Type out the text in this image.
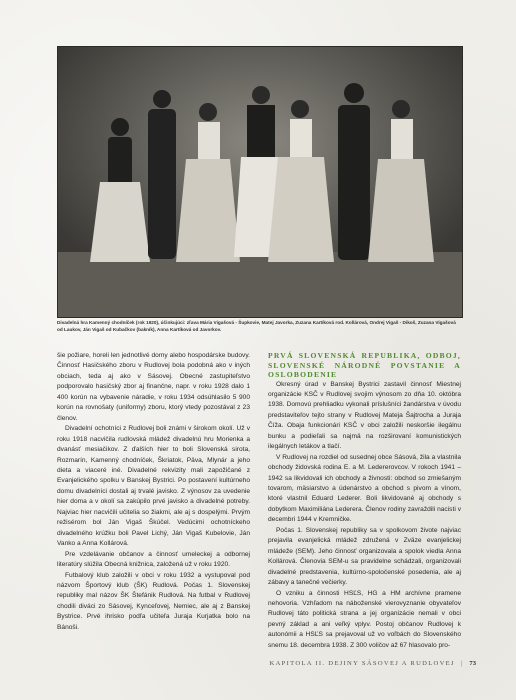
Divadelná hra Kamenný chodníček (rok 1920), účinkujúci: zľava Mária Vigašová - Šupkovie, Matej Javorka, Zuzana Kartíková rod. Kollárová, Ondrej Vigaš - Dikoš, Zuzana Vigašová od Laukov, Ján Vigaš od Kubačkov (bakník), Anna Kartíková od Javorkov.

šie požiare, horeli len jednotlivé domy alebo hospodárske budovy. Činnosť Hasičského zboru v Rudlovej bola podobná ako v iných obciach, teda aj ako v Sásovej. Obecné zastupiteľstvo podporovalo hasičský zbor aj finančne, napr. v roku 1928 dalo 1 400 korún na vybavenie náradie, v roku 1934 odsúhlasilo 5 900 korún na rovnošaty (uniformy) zboru, ktorý vtedy pozostával z 23 členov.

Divadelní ochotníci z Rudlovej boli známi v širokom okolí. Už v roku 1918 nacvičila rudlovská mládež divadelnú hru Morienka a dvanásť mesiačikov. Z ďalších hier to boli Slovenská sirota, Rozmarín, Kamenný chodníček, Škriatok, Päva, Mlynár a jeho dietа a viaceré iné. Divadelné rekvizity mali zapožičané z Evanjelického spolku v Banskej Bystrici. Po postavení kultúrneho domu divadelníci dostali aj trvalé javisko. Z výnosov za uvedenie hier doma a v okolí sa zakúpilo prvé javisko a divadelné potreby. Najviac hier nacvičili učitelia so žiakmi, ale aj s dospelými. Prvým režisérom bol Ján Vigaš Škúčel. Vedúcimi ochotníckeho divadelného krúžku boli Pavel Lichý, Ján Vigaš Kubelovie, Ján Vanko a Anna Kollárová.

Pre vzdelávanie občanov a činnosť umeleckej a odbornej literatúry slúžila Obecná knižnica, založená už v roku 1920.

Futbalový klub založili v obci v roku 1932 a vystupoval pod názvom Športový klub (ŠK) Rudlová. Počas 1. Slovenskej republiky mal názov ŠK Štefánik Rudlová. Na futbal v Rudlovej chodili diváci zo Sásovej, Kynceľovej, Nemiec, ale aj z Banskej Bystrice. Prvé ihrisko podľa učiteľa Juraja Kurjatka bolo na Bánoši.

PRVÁ SLOVENSKÁ REPUBLIKA, ODBOJ, SLOVENSKÉ NÁRODNÉ POVSTANIE A OSLOBODENIE

Okresný úrad v Banskej Bystrici zastavil činnosť Miestnej organizácie KSČ v Rudlovej svojim výnosom zo dňa 10. októbra 1938. Domovú prehliadku vykonali príslušníci žandárstva v úvodu predstaviteľov tejto strany v Rudlovej Mateja Šajtrocha a Juraja Číža. Obaja funkcionári KSČ v obci založili neskoršie ilegálnu bunku a podieľali sa najmä na rozširovaní komunistických ilegálnych letákov a tlačí.

V Rudlovej na rozdiel od susednej obce Sásová, žila a vlastnila obchody židovská rodina E. a M. Ledererovcov. V rokoch 1941 – 1942 sa likvidovali ich obchody a živnosti: obchod so zmiešaným tovarom, mäsiarstvo a údenárstvo a obchod s pivom a vínom, ktoré vlastnil Eduard Lederer. Boli likvidované aj obchody s dobytkom Maximiliána Lederera. Členov rodiny zavraždili nacisti v decembri 1944 v Kremničke.

Počas 1. Slovenskej republiky sa v spolkovom živote najviac prejavila evanjelická mládež združená v Zväze evanjelickej mládeže (SEM). Jeho činnosť organizovala a spolok viedla Anna Kollárová. Členovia SEM-u sa pravidelne schádzali, organizovali divadelné predstavenia, kultúrno-spoločenské posedenia, ale aj zábavy a tanečné večierky.

O vzniku a činnosti HSĽS, HG a HM archívne pramene nehovoria. Vzhľadom na náboženské vierovyznanie obyvateľov Rudlovej táto politická strana a jej organizácie nemali v obci pevný základ a ani veľký vplyv. Postoj občanov Rudlovej k autonómii a HSĽS sa prejavoval už vo voľbách do Slovenského snemu 18. decembra 1938. Z 300 voličov až 67 hlasovalo pro-

KAPITOLA II. DEJINY SÁSOVEJ A RUDLOVEJ | 73
